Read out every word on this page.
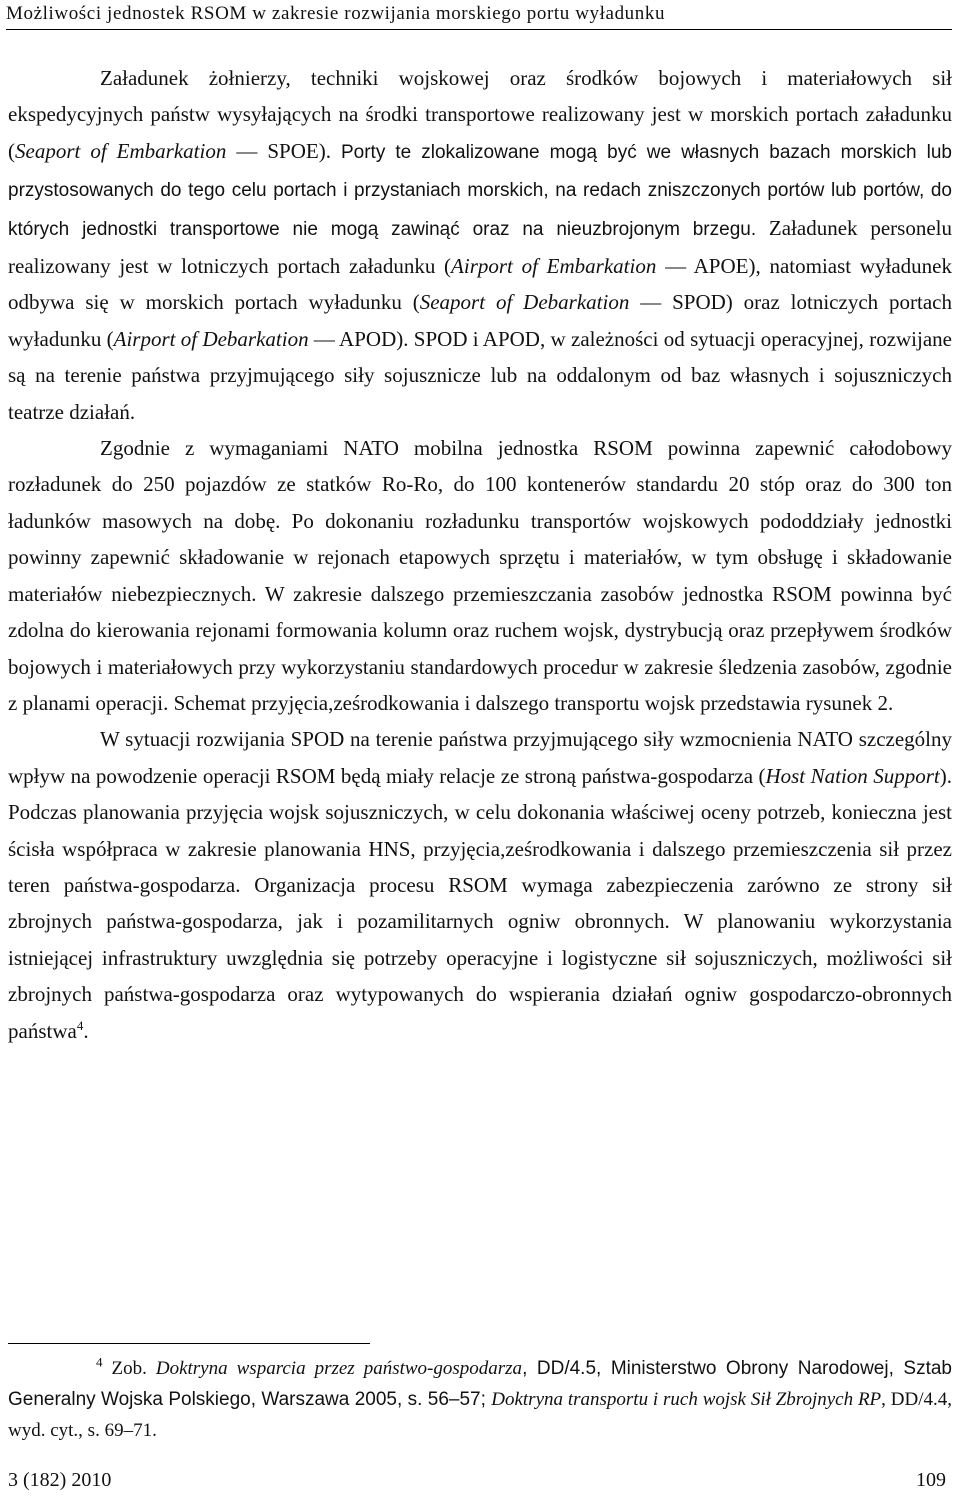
Możliwości jednostek RSOM w zakresie rozwijania morskiego portu wyładunku

Załadunek żołnierzy, techniki wojskowej oraz środków bojowych i materiałowych sił ekspedycyjnych państw wysyłających na środki transportowe realizowany jest w morskich portach załadunku (Seaport of Embarkation — SPOE). Porty te zlokalizowane mogą być we własnych bazach morskich lub przystosowanych do tego celu portach i przystaniach morskich, na redach zniszczonych portów lub portów, do których jednostki transportowe nie mogą zawinąć oraz na nieuzbrojonym brzegu. Załadunek personelu realizowany jest w lotniczych portach załadunku (Airport of Embarkation — APOE), natomiast wyładunek odbywa się w morskich portach wyładunku (Seaport of Debarkation — SPOD) oraz lotniczych portach wyładunku (Airport of Debarkation — APOD). SPOD i APOD, w zależności od sytuacji operacyjnej, rozwijane są na terenie państwa przyjmującego siły sojusznicze lub na oddalonym od baz własnych i sojuszniczych teatrze działań.

Zgodnie z wymaganiami NATO mobilna jednostka RSOM powinna zapewnić całodobowy rozładunek do 250 pojazdów ze statków Ro-Ro, do 100 kontenerów standardu 20 stóp oraz do 300 ton ładunków masowych na dobę. Po dokonaniu rozładunku transportów wojskowych pododdziały jednostki powinny zapewnić składowanie w rejonach etapowych sprzętu i materiałów, w tym obsługę i składowanie materiałów niebezpiecznych. W zakresie dalszego przemieszczania zasobów jednostka RSOM powinna być zdolna do kierowania rejonami formowania kolumn oraz ruchem wojsk, dystrybucją oraz przepływem środków bojowych i materiałowych przy wykorzystaniu standardowych procedur w zakresie śledzenia zasobów, zgodnie z planami operacji. Schemat przyjęcia,ześrodkowania i dalszego transportu wojsk przedstawia rysunek 2.

W sytuacji rozwijania SPOD na terenie państwa przyjmującego siły wzmocnienia NATO szczególny wpływ na powodzenie operacji RSOM będą miały relacje ze stroną państwa-gospodarza (Host Nation Support). Podczas planowania przyjęcia wojsk sojuszniczych, w celu dokonania właściwej oceny potrzeb, konieczna jest ścisła współpraca w zakresie planowania HNS, przyjęcia,ześrodkowania i dalszego przemieszczenia sił przez teren państwa-gospodarza. Organizacja procesu RSOM wymaga zabezpieczenia zarówno ze strony sił zbrojnych państwa-gospodarza, jak i pozamilitarnych ogniw obronnych. W planowaniu wykorzystania istniejącej infrastruktury uwzględnia się potrzeby operacyjne i logistyczne sił sojuszniczych, możliwości sił zbrojnych państwa-gospodarza oraz wytypowanych do wspierania działań ogniw gospodarczo-obronnych państwa$^4$.

$^4$ Zob. Doktryna wsparcia przez państwo-gospodarza, DD/4.5, Ministerstwo Obrony Narodowej, Sztab Generalny Wojska Polskiego, Warszawa 2005, s. 56–57; Doktryna transportu i ruch wojsk Sił Zbrojnych RP, DD/4.4, wyd. cyt., s. 69–71.
3 (182) 2010	109
